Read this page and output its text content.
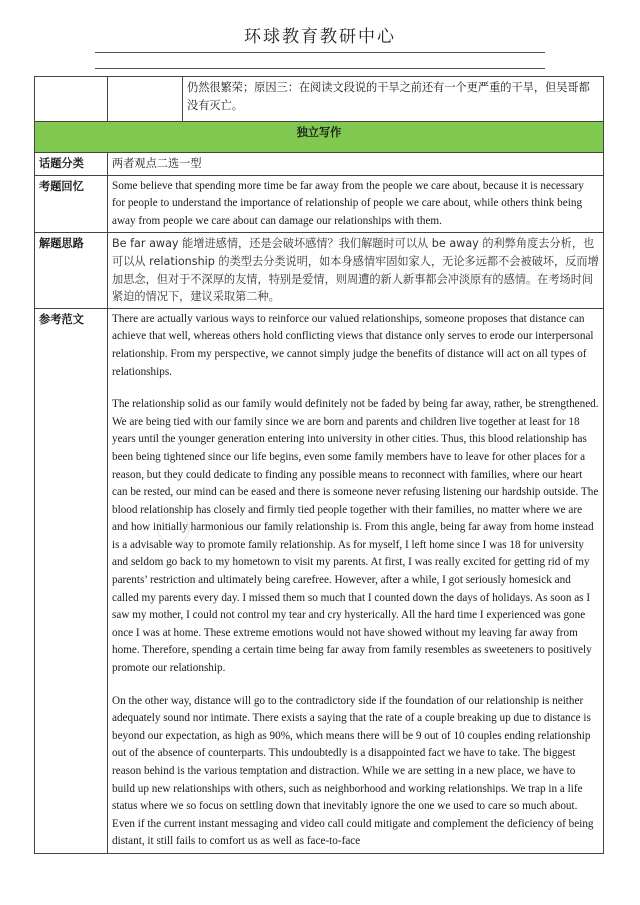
环球教育教研中心
○
		仍然很繁荣；原因三：在阅读文段说的干旱之前还有一个更严重的干旱，但吴哥都没有灭亡。
独立写作		
话题分类	两者观点二选一型	
考题回忆	Some believe that spending more time be far away from the people we care about, because it is necessary for people to understand the importance of relationship of people we care about, while others think being away from people we care about can damage our relationships with them.	
解题思路	Be far away 能增进感情，还是会破坏感情？我们解题时可以从 be away 的利弊角度去分析，也可以从 relationship 的类型去分类说明，如本身感情牢固如家人，无论多远都不会被破坏，反而增加思念，但对于不深厚的友情，特别是爱情，则周遭的新人新事都会冲淡原有的感情。在考场时间紧迫的情况下，建议采取第二种。	
参考范文	There are actually various ways to reinforce our valued relationships, someone proposes that distance can achieve that well, whereas others hold conflicting views that distance only serves to erode our interpersonal relationship. From my perspective, we cannot simply judge the benefits of distance will act on all types of relationships.

The relationship solid as our family would definitely not be faded by being far away, rather, be strengthened. We are being tied with our family since we are born and parents and children live together at least for 18 years until the younger generation entering into university in other cities. Thus, this blood relationship has been being tightened since our life begins, even some family members have to leave for other places for a reason, but they could dedicate to finding any possible means to reconnect with families, where our heart can be rested, our mind can be eased and there is someone never refusing listening our hardship outside. The blood relationship has closely and firmly tied people together with their families, no matter where we are and how initially harmonious our family relationship is. From this angle, being far away from home instead is a advisable way to promote family relationship. As for myself, I left home since I was 18 for university and seldom go back to my hometown to visit my parents. At first, I was really excited for getting rid of my parents’ restriction and ultimately being carefree. However, after a while, I got seriously homesick and called my parents every day. I missed them so much that I counted down the days of holidays. As soon as I saw my mother, I could not control my tear and cry hysterically. All the hard time I experienced was gone once I was at home. These extreme emotions would not have showed without my leaving far away from home. Therefore, spending a certain time being far away from family resembles as sweeteners to positively promote our relationship.

On the other way, distance will go to the contradictory side if the foundation of our relationship is neither adequately sound nor intimate. There exists a saying that the rate of a couple breaking up due to distance is beyond our expectation, as high as 90%, which means there will be 9 out of 10 couples ending relationship out of the absence of counterparts. This undoubtedly is a disappointed fact we have to take. The biggest reason behind is the various temptation and distraction. While we are setting in a new place, we have to build up new relationships with others, such as neighborhood and working relationships. We trap in a life status where we so focus on settling down that inevitably ignore the one we used to care so much about. Even if the current instant messaging and video call could mitigate and complement the deficiency of being distant, it still fails to comfort us as well as face-to-face	
